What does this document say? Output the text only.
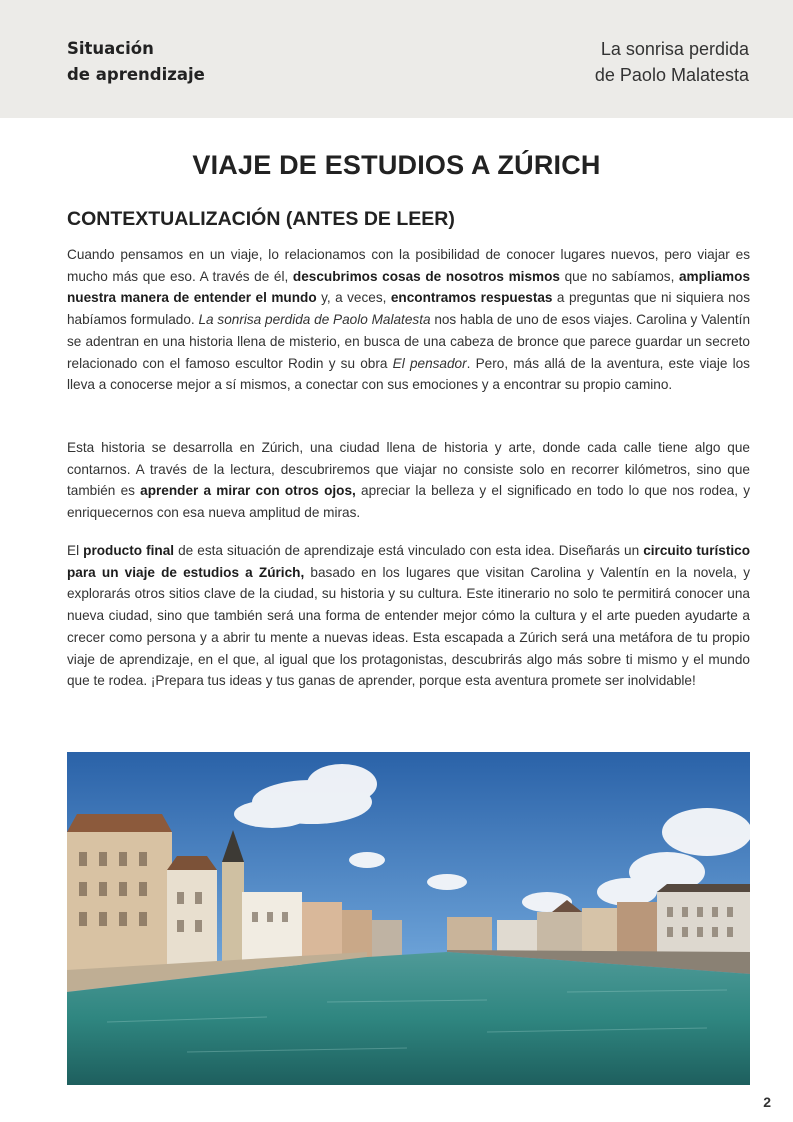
Situación
de aprendizaje
La sonrisa perdida
de Paolo Malatesta
VIAJE DE ESTUDIOS A ZÚRICH
CONTEXTUALIZACIÓN (ANTES DE LEER)

Cuando pensamos en un viaje, lo relacionamos con la posibilidad de conocer lugares nuevos, pero viajar es mucho más que eso. A través de él, descubrimos cosas de nosotros mismos que no sabíamos, ampliamos nuestra manera de entender el mundo y, a veces, encontramos respuestas a preguntas que ni siquiera nos habíamos formulado. La sonrisa perdida de Paolo Malatesta nos habla de uno de esos viajes. Carolina y Valentín se adentran en una historia llena de misterio, en busca de una cabeza de bronce que parece guardar un secreto relacionado con el famoso escultor Rodin y su obra El pensador. Pero, más allá de la aventura, este viaje los lleva a conocerse mejor a sí mismos, a conectar con sus emociones y a encontrar su propio camino.

Esta historia se desarrolla en Zúrich, una ciudad llena de historia y arte, donde cada calle tiene algo que contarnos. A través de la lectura, descubriremos que viajar no consiste solo en recorrer kilómetros, sino que también es aprender a mirar con otros ojos, apreciar la belleza y el significado en todo lo que nos rodea, y enriquecernos con esa nueva amplitud de miras.

El producto final de esta situación de aprendizaje está vinculado con esta idea. Diseñarás un circuito turístico para un viaje de estudios a Zúrich, basado en los lugares que visitan Carolina y Valentín en la novela, y explorarás otros sitios clave de la ciudad, su historia y su cultura. Este itinerario no solo te permitirá conocer una nueva ciudad, sino que también será una forma de entender mejor cómo la cultura y el arte pueden ayudarte a crecer como persona y a abrir tu mente a nuevas ideas. Esta escapada a Zúrich será una metáfora de tu propio viaje de aprendizaje, en el que, al igual que los protagonistas, descubrirás algo más sobre ti mismo y el mundo que te rodea. ¡Prepara tus ideas y tus ganas de aprender, porque esta aventura promete ser inolvidable!

2
